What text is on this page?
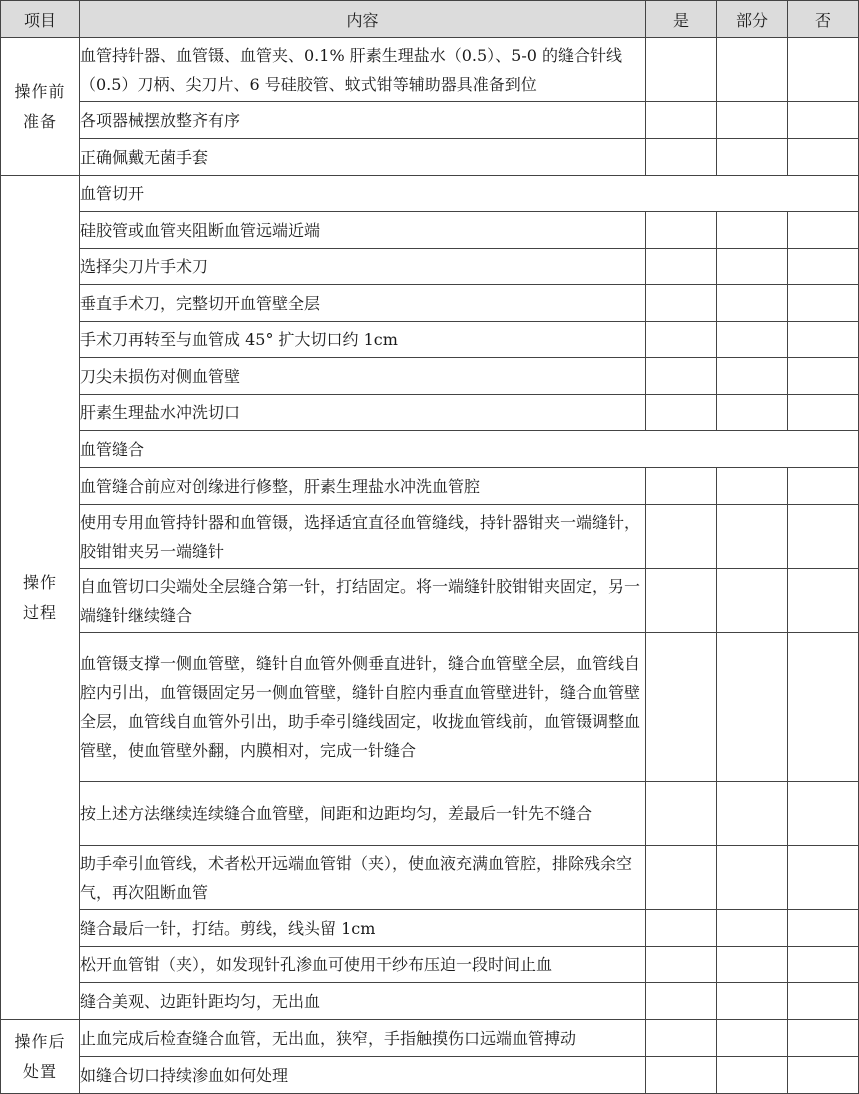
项目	内容	是	部分	否

操作前准备	血管持针器、血管镊、血管夹、0.1% 肝素生理盐水（0.5）、5-0 的缝合针线（0.5）刀柄、尖刀片、6 号硅胶管、蚊式钳等辅助器具准备到位			
	各项器械摆放整齐有序			
	正确佩戴无菌手套			

操作过程	血管切开			
	硅胶管或血管夹阻断血管远端近端			
	选择尖刀片手术刀			
	垂直手术刀，完整切开血管壁全层			
	手术刀再转至与血管成 45° 扩大切口约 1cm			
	刀尖未损伤对侧血管壁			
	肝素生理盐水冲洗切口			
	血管缝合			
	血管缝合前应对创缘进行修整，肝素生理盐水冲洗血管腔			
	使用专用血管持针器和血管镊，选择适宜直径血管缝线，持针器钳夹一端缝针，胶钳钳夹另一端缝针			
	自血管切口尖端处全层缝合第一针，打结固定。将一端缝针胶钳钳夹固定，另一端缝针继续缝合			
	血管镊支撑一侧血管壁，缝针自血管外侧垂直进针，缝合血管壁全层，血管线自腔内引出，血管镊固定另一侧血管壁，缝针自腔内垂直血管壁进针，缝合血管壁全层，血管线自血管外引出，助手牵引缝线固定，收拢血管线前，血管镊调整血管壁，使血管壁外翻，内膜相对，完成一针缝合			
	按上述方法继续连续缝合血管壁，间距和边距均匀，差最后一针先不缝合			
	助手牵引血管线，术者松开远端血管钳（夹），使血液充满血管腔，排除残余空气，再次阻断血管			
	缝合最后一针，打结。剪线，线头留 1cm			
	松开血管钳（夹），如发现针孔渗血可使用干纱布压迫一段时间止血			
	缝合美观、边距针距均匀，无出血			

操作后处置	止血完成后检查缝合血管，无出血，狭窄，手指触摸伤口远端血管搏动			
	如缝合切口持续渗血如何处理			
